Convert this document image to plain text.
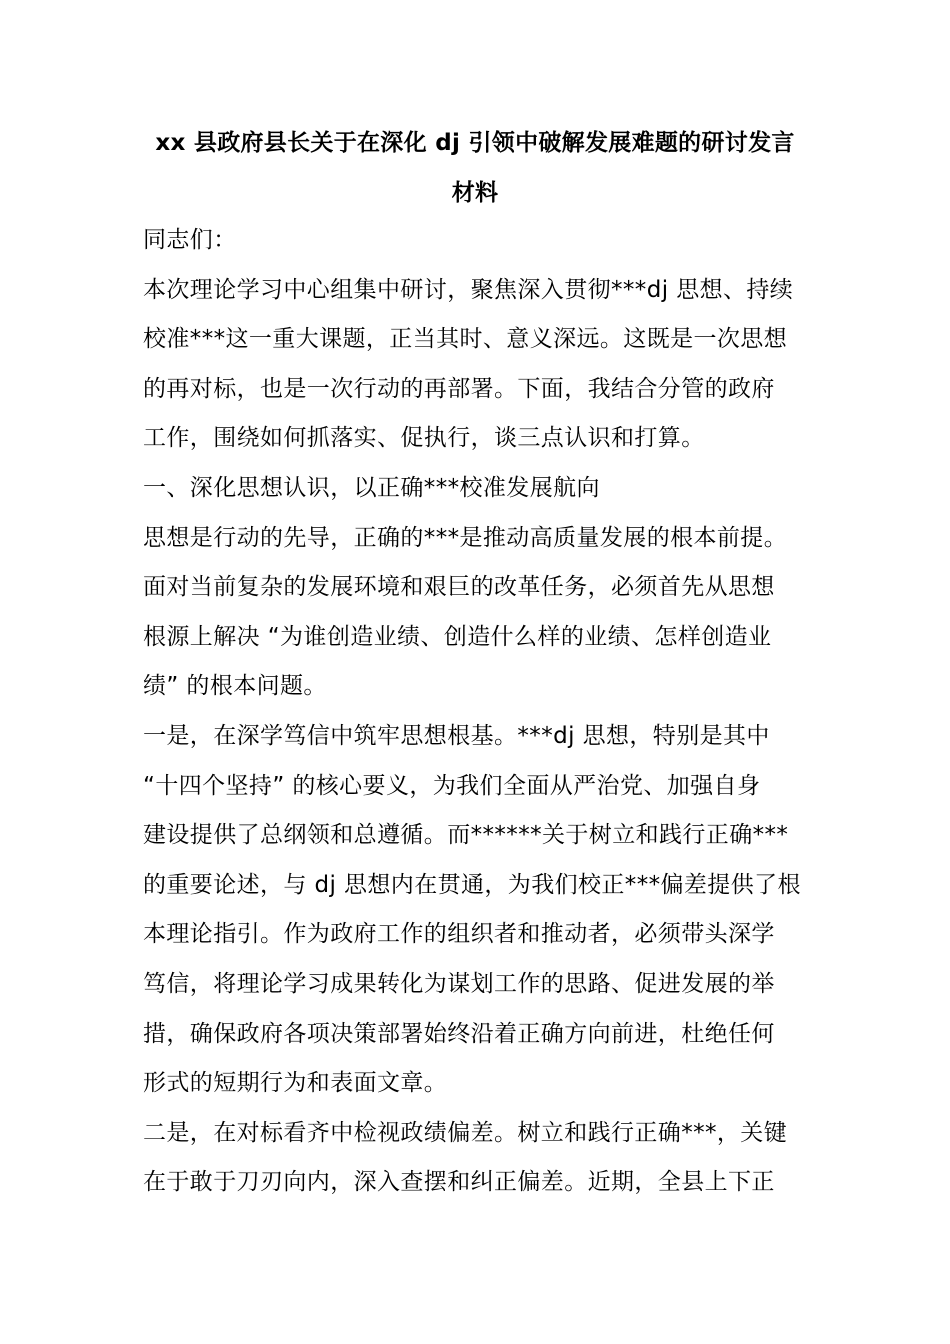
xx 县政府县长关于在深化 dj 引领中破解发展难题的研讨发言
材料
同志们：
本次理论学习中心组集中研讨，聚焦深入贯彻***dj 思想、持续
校准***这一重大课题，正当其时、意义深远。这既是一次思想
的再对标，也是一次行动的再部署。下面，我结合分管的政府
工作，围绕如何抓落实、促执行，谈三点认识和打算。
一、深化思想认识，以正确***校准发展航向
思想是行动的先导，正确的***是推动高质量发展的根本前提。
面对当前复杂的发展环境和艰巨的改革任务，必须首先从思想
根源上解决 “为谁创造业绩、创造什么样的业绩、怎样创造业
绩” 的根本问题。
一是，在深学笃信中筑牢思想根基。***dj 思想，特别是其中
“十四个坚持” 的核心要义，为我们全面从严治党、加强自身
建设提供了总纲领和总遵循。而******关于树立和践行正确***
的重要论述，与 dj 思想内在贯通，为我们校正***偏差提供了根
本理论指引。作为政府工作的组织者和推动者，必须带头深学
笃信，将理论学习成果转化为谋划工作的思路、促进发展的举
措，确保政府各项决策部署始终沿着正确方向前进，杜绝任何
形式的短期行为和表面文章。
二是，在对标看齐中检视政绩偏差。树立和践行正确***，关键
在于敢于刀刃向内，深入查摆和纠正偏差。近期，全县上下正
